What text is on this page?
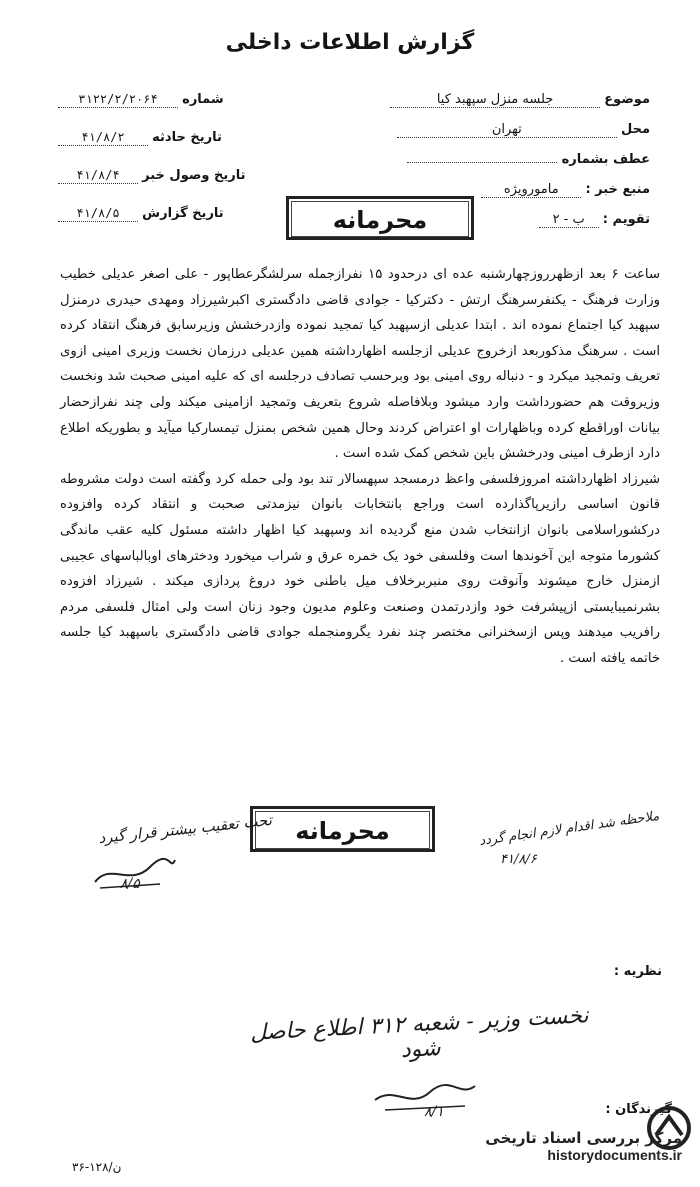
گزارش اطلاعات داخلی
موضوع جلسه منزل سپهبد کیا
محل تهران
عطف بشماره
منبع خبر : مامورویژه
تقویم : ب - ۲
شماره ۳۱۲۲/۲/۲۰۶۴
تاریخ حادثه ۴۱/۸/۲
تاریخ وصول خبر ۴۱/۸/۴
تاریخ گزارش ۴۱/۸/۵	محرمانه

ساعت ۶ بعد ازظهرروزچهارشنبه عده ای درحدود ۱۵ نفرازجمله سرلشگرعطاپور - علی اصغر عدیلی خطیب وزارت فرهنگ - یکنفرسرهنگ ارتش - دکترکیا - جوادی قاضی دادگستری اکبرشیرزاد ومهدی حیدری درمنزل سپهبد کیا اجتماع نموده اند . ابتدا عدیلی ازسپهبد کیا تمجید نموده وازدرخشش وزیرسابق فرهنگ انتقاد کرده است . سرهنگ مذکوربعد ازخروج عدیلی ازجلسه اظهارداشته همین عدیلی درزمان نخست وزیری امینی ازوی تعریف وتمجید میکرد و - دنباله روی امینی بود وبرحسب تصادف درجلسه ای که علیه امینی صحبت شد ونخست وزیروقت هم حضورداشت وارد میشود وبلافاصله شروع بتعریف وتمجید ازامینی میکند ولی چند نفرازحضار بیانات اوراقطع کرده وباظهارات او اعتراض کردند وحال همین شخص بمنزل تیمسارکیا میآید و بطوریکه اطلاع دارد ازطرف امینی ودرخشش باین شخص کمک شده است .

شیرزاد اظهارداشته امروزفلسفی واعظ درمسجد سپهسالار تند بود ولی حمله کرد وگفته است دولت مشروطه قانون اساسی رازیرپاگذارده است وراجع بانتخابات بانوان نیزمدتی صحبت و انتقاد کرده وافزوده درکشوراسلامی بانوان ازانتخاب شدن منع گردیده اند وسپهبد کیا اظهار داشته مسئول کلیه عقب ماندگی کشورما متوجه این آخوندها است وفلسفی خود یک خمره عرق و شراب میخورد ودخترهای اوبالباسهای عجیبی ازمنزل خارج میشوند وآنوقت روی منبربرخلاف میل باطنی خود دروغ پردازی میکند . شیرزاد افزوده بشرنمیبایستی ازپیشرفت خود وازدرتمدن وصنعت وعلوم مدیون وجود زنان است ولی امثال فلسفی مردم رافریب میدهند وپس ازسخنرانی مختصر چند نفرد یگرومنجمله جوادی قاضی دادگستری باسپهبد کیا جلسه خاتمه یافته است .

محرمانه
تحت تعقیب بیشتر قرار گیرد
۸/۵
ملاحظه شد اقدام لازم انجام گردد
۴۱/۸/۶
نظریه :
نخست وزیر - شعبه ۳۱۲ اطلاع حاصل شود
۸/۱	گیرندگان :
۳۶-۱۲۸/ن
مرکز بررسی اسناد تاریخی
historydocuments.ir
